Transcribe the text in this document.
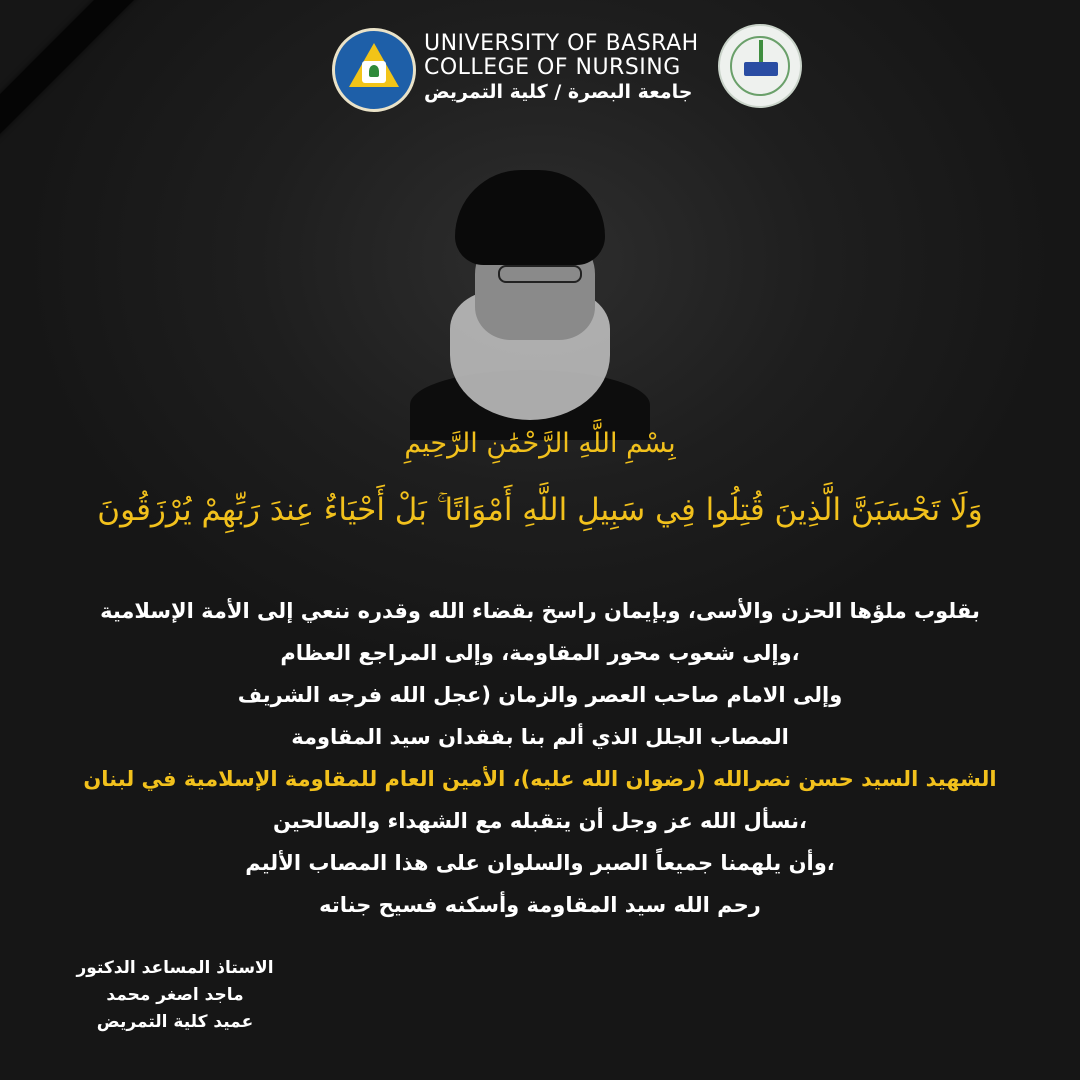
UNIVERSITY OF BASRAH
COLLEGE OF NURSING
جامعة البصرة / كلية التمريض
بِسْمِ اللَّهِ الرَّحْمَٰنِ الرَّحِيمِ
وَلَا تَحْسَبَنَّ الَّذِينَ قُتِلُوا فِي سَبِيلِ اللَّهِ أَمْوَاتًا ۚ بَلْ أَحْيَاءٌ عِندَ رَبِّهِمْ يُرْزَقُونَ
بقلوب ملؤها الحزن والأسى، وبإيمان راسخ بقضاء الله وقدره ننعي إلى الأمة الإسلامية
،وإلى شعوب محور المقاومة، وإلى المراجع العظام
وإلى الامام صاحب العصر والزمان (عجل الله فرجه الشريف
المصاب الجلل الذي ألم بنا بفقدان سيد المقاومة
الشهيد السيد حسن نصرالله (رضوان الله عليه)، الأمين العام للمقاومة الإسلامية في لبنان
،نسأل الله عز وجل أن يتقبله مع الشهداء والصالحين
،وأن يلهمنا جميعاً الصبر والسلوان على هذا المصاب الأليم
رحم الله سيد المقاومة وأسكنه فسيح جناته
الاستاذ المساعد الدكتور
ماجد اصغر محمد
عميد كلية التمريض
